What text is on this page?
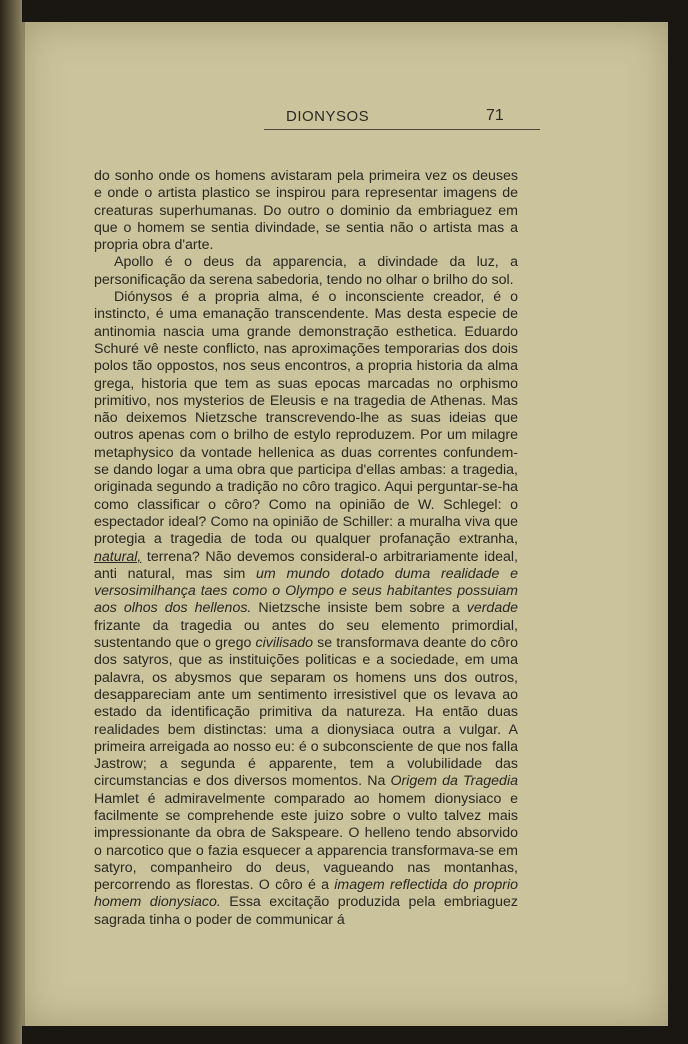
DIONYSOS	71

do sonho onde os homens avistaram pela primeira vez os deuses e onde o artista plastico se inspirou para representar imagens de creaturas superhumanas. Do outro o dominio da embriaguez em que o homem se sentia divindade, se sentia não o artista mas a propria obra d'arte.

Apollo é o deus da apparencia, a divindade da luz, a personificação da serena sabedoria, tendo no olhar o brilho do sol.

Diónysos é a propria alma, é o inconsciente creador, é o instincto, é uma emanação transcendente. Mas desta especie de antinomia nascia uma grande demonstração esthetica. Eduardo Schuré vê neste conflicto, nas aproximações temporarias dos dois polos tão oppostos, nos seus encontros, a propria historia da alma grega, historia que tem as suas epocas marcadas no orphismo primitivo, nos mysterios de Eleusis e na tragedia de Athenas. Mas não deixemos Nietzsche transcrevendo-lhe as suas ideias que outros apenas com o brilho de estylo reproduzem. Por um milagre metaphysico da vontade hellenica as duas correntes confundem-se dando logar a uma obra que participa d'ellas ambas: a tragedia, originada segundo a tradição no côro tragico. Aqui perguntar-se-ha como classificar o côro? Como na opinião de W. Schlegel: o espectador ideal? Como na opinião de Schiller: a muralha viva que protegia a tragedia de toda ou qualquer profanação extranha, natural, terrena? Não devemos consideral-o arbitrariamente ideal, anti natural, mas sim um mundo dotado duma realidade e versosimilhança taes como o Olympo e seus habitantes possuiam aos olhos dos hellenos. Nietzsche insiste bem sobre a verdade frizante da tragedia ou antes do seu elemento primordial, sustentando que o grego civilisado se transformava deante do côro dos satyros, que as instituições politicas e a sociedade, em uma palavra, os abysmos que separam os homens uns dos outros, desappareciam ante um sentimento irresistivel que os levava ao estado da identificação primitiva da natureza. Ha então duas realidades bem distinctas: uma a dionysiaca outra a vulgar. A primeira arreigada ao nosso eu: é o subconsciente de que nos falla Jastrow; a segunda é apparente, tem a volubilidade das circumstancias e dos diversos momentos. Na Origem da Tragedia Hamlet é admiravelmente comparado ao homem dionysiaco e facilmente se comprehende este juizo sobre o vulto talvez mais impressionante da obra de Sakspeare. O helleno tendo absorvido o narcotico que o fazia esquecer a apparencia transformava-se em satyro, companheiro do deus, vagueando nas montanhas, percorrendo as florestas. O côro é a imagem reflectida do proprio homem dionysiaco. Essa excitação produzida pela embriaguez sagrada tinha o poder de communicar á
